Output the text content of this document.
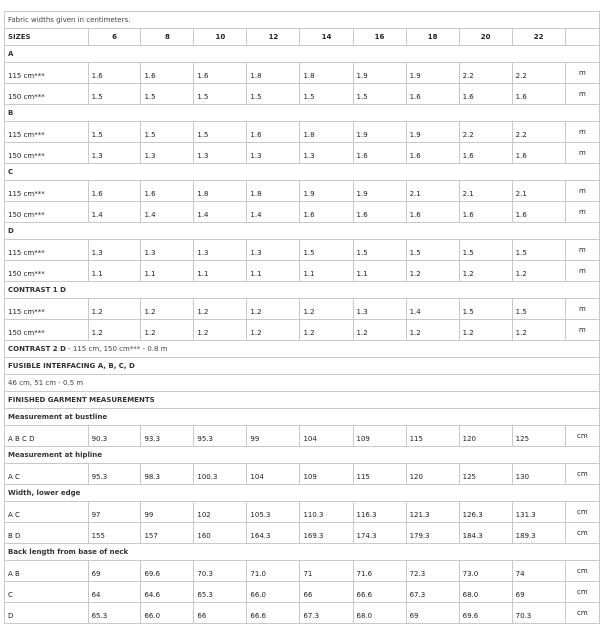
Fabric widths given in centimeters.										
SIZES	6	8	10	12	14	16	18	20	22	
A										
115 cm***	1.6	1.6	1.6	1.8	1.8	1.9	1.9	2.2	2.2	m
150 cm***	1.5	1.5	1.5	1.5	1.5	1.5	1.6	1.6	1.6	m
B										
115 cm***	1.5	1.5	1.5	1.6	1.8	1.9	1.9	2.2	2.2	m
150 cm***	1.3	1.3	1.3	1.3	1.3	1.6	1.6	1.6	1.6	m
C										
115 cm***	1.6	1.6	1.8	1.8	1.9	1.9	2.1	2.1	2.1	m
150 cm***	1.4	1.4	1.4	1.4	1.6	1.6	1.6	1.6	1.6	m
D										
115 cm***	1.3	1.3	1.3	1.3	1.5	1.5	1.5	1.5	1.5	m
150 cm***	1.1	1.1	1.1	1.1	1.1	1.1	1.2	1.2	1.2	m
CONTRAST 1 D										
115 cm***	1.2	1.2	1.2	1.2	1.2	1.3	1.4	1.5	1.5	m
150 cm***	1.2	1.2	1.2	1.2	1.2	1.2	1.2	1.2	1.2	m
CONTRAST 2 D - 115 cm, 150 cm*** - 0.8 m										
FUSIBLE INTERFACING A, B, C, D										
46 cm, 51 cm - 0.5 m										
FINISHED GARMENT MEASUREMENTS										
Measurement at bustline										
A B C D	90.3	93.3	95.3	99	104	109	115	120	125	cm
Measurement at hipline										
A C	95.3	98.3	100.3	104	109	115	120	125	130	cm
Width, lower edge										
A C	97	99	102	105.3	110.3	116.3	121.3	126.3	131.3	cm
B D	155	157	160	164.3	169.3	174.3	179.3	184.3	189.3	cm
Back length from base of neck										
A B	69	69.6	70.3	71.0	71	71.6	72.3	73.0	74	cm
C	64	64.6	65.3	66.0	66	66.6	67.3	68.0	69	cm
D	65.3	66.0	66	66.6	67.3	68.0	69	69.6	70.3	cm
